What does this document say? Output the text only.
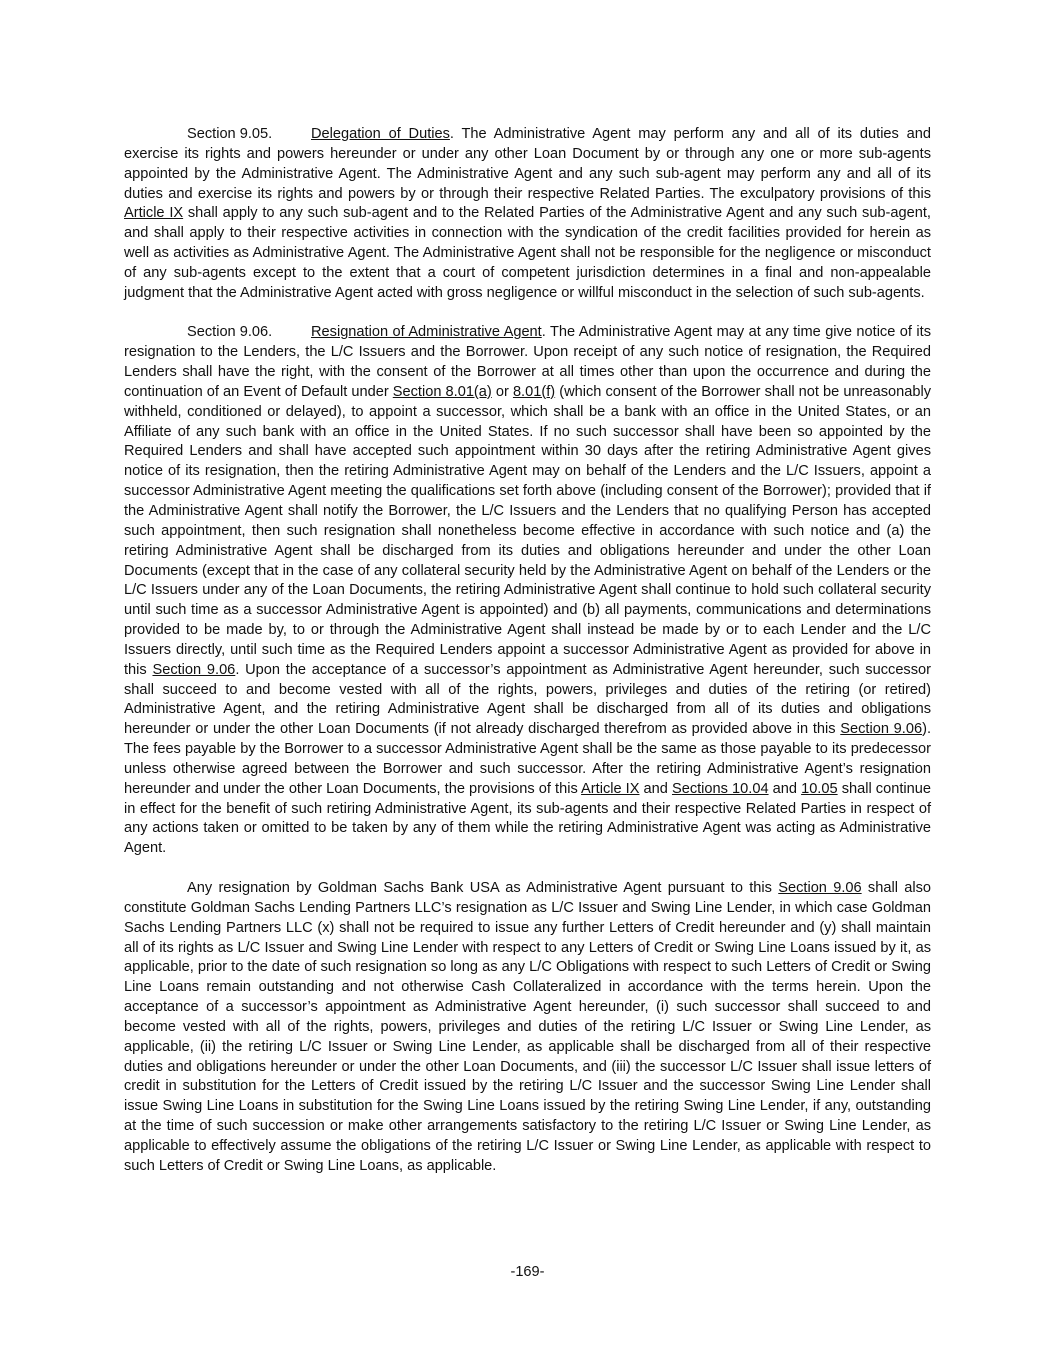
Section 9.05.	Delegation of Duties. The Administrative Agent may perform any and all of its duties and exercise its rights and powers hereunder or under any other Loan Document by or through any one or more sub-agents appointed by the Administrative Agent. The Administrative Agent and any such sub-agent may perform any and all of its duties and exercise its rights and powers by or through their respective Related Parties. The exculpatory provisions of this Article IX shall apply to any such sub-agent and to the Related Parties of the Administrative Agent and any such sub-agent, and shall apply to their respective activities in connection with the syndication of the credit facilities provided for herein as well as activities as Administrative Agent. The Administrative Agent shall not be responsible for the negligence or misconduct of any sub-agents except to the extent that a court of competent jurisdiction determines in a final and non-appealable judgment that the Administrative Agent acted with gross negligence or willful misconduct in the selection of such sub-agents.

Section 9.06.	Resignation of Administrative Agent. The Administrative Agent may at any time give notice of its resignation to the Lenders, the L/C Issuers and the Borrower. Upon receipt of any such notice of resignation, the Required Lenders shall have the right, with the consent of the Borrower at all times other than upon the occurrence and during the continuation of an Event of Default under Section 8.01(a) or 8.01(f) (which consent of the Borrower shall not be unreasonably withheld, conditioned or delayed), to appoint a successor, which shall be a bank with an office in the United States, or an Affiliate of any such bank with an office in the United States. If no such successor shall have been so appointed by the Required Lenders and shall have accepted such appointment within 30 days after the retiring Administrative Agent gives notice of its resignation, then the retiring Administrative Agent may on behalf of the Lenders and the L/C Issuers, appoint a successor Administrative Agent meeting the qualifications set forth above (including consent of the Borrower); provided that if the Administrative Agent shall notify the Borrower, the L/C Issuers and the Lenders that no qualifying Person has accepted such appointment, then such resignation shall nonetheless become effective in accordance with such notice and (a) the retiring Administrative Agent shall be discharged from its duties and obligations hereunder and under the other Loan Documents (except that in the case of any collateral security held by the Administrative Agent on behalf of the Lenders or the L/C Issuers under any of the Loan Documents, the retiring Administrative Agent shall continue to hold such collateral security until such time as a successor Administrative Agent is appointed) and (b) all payments, communications and determinations provided to be made by, to or through the Administrative Agent shall instead be made by or to each Lender and the L/C Issuers directly, until such time as the Required Lenders appoint a successor Administrative Agent as provided for above in this Section 9.06. Upon the acceptance of a successor’s appointment as Administrative Agent hereunder, such successor shall succeed to and become vested with all of the rights, powers, privileges and duties of the retiring (or retired) Administrative Agent, and the retiring Administrative Agent shall be discharged from all of its duties and obligations hereunder or under the other Loan Documents (if not already discharged therefrom as provided above in this Section 9.06). The fees payable by the Borrower to a successor Administrative Agent shall be the same as those payable to its predecessor unless otherwise agreed between the Borrower and such successor. After the retiring Administrative Agent’s resignation hereunder and under the other Loan Documents, the provisions of this Article IX and Sections 10.04 and 10.05 shall continue in effect for the benefit of such retiring Administrative Agent, its sub-agents and their respective Related Parties in respect of any actions taken or omitted to be taken by any of them while the retiring Administrative Agent was acting as Administrative Agent.

Any resignation by Goldman Sachs Bank USA as Administrative Agent pursuant to this Section 9.06 shall also constitute Goldman Sachs Lending Partners LLC’s resignation as L/C Issuer and Swing Line Lender, in which case Goldman Sachs Lending Partners LLC (x) shall not be required to issue any further Letters of Credit hereunder and (y) shall maintain all of its rights as L/C Issuer and Swing Line Lender with respect to any Letters of Credit or Swing Line Loans issued by it, as applicable, prior to the date of such resignation so long as any L/C Obligations with respect to such Letters of Credit or Swing Line Loans remain outstanding and not otherwise Cash Collateralized in accordance with the terms herein. Upon the acceptance of a successor’s appointment as Administrative Agent hereunder, (i) such successor shall succeed to and become vested with all of the rights, powers, privileges and duties of the retiring L/C Issuer or Swing Line Lender, as applicable, (ii) the retiring L/C Issuer or Swing Line Lender, as applicable shall be discharged from all of their respective duties and obligations hereunder or under the other Loan Documents, and (iii) the successor L/C Issuer shall issue letters of credit in substitution for the Letters of Credit issued by the retiring L/C Issuer and the successor Swing Line Lender shall issue Swing Line Loans in substitution for the Swing Line Loans issued by the retiring Swing Line Lender, if any, outstanding at the time of such succession or make other arrangements satisfactory to the retiring L/C Issuer or Swing Line Lender, as applicable to effectively assume the obligations of the retiring L/C Issuer or Swing Line Lender, as applicable with respect to such Letters of Credit or Swing Line Loans, as applicable.

-169-
